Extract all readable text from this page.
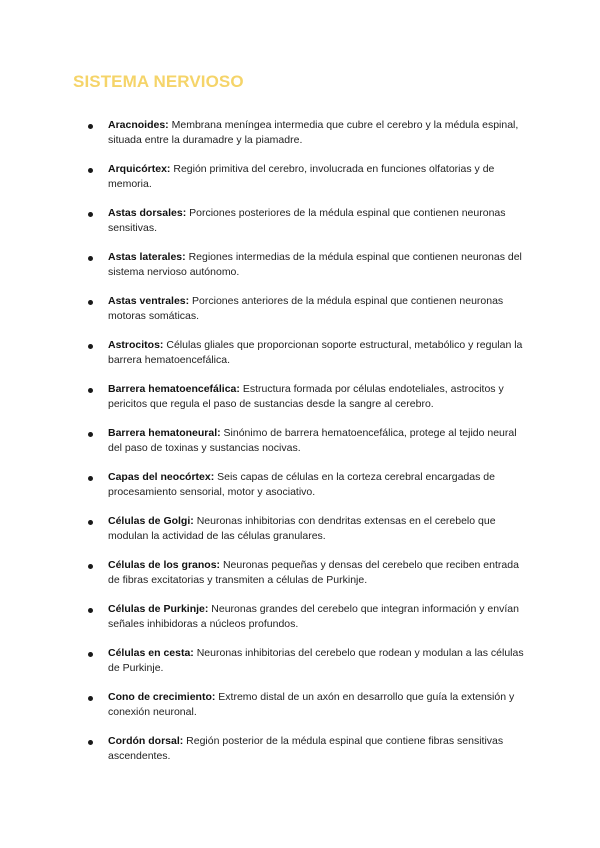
SISTEMA NERVIOSO
Aracnoides: Membrana meníngea intermedia que cubre el cerebro y la médula espinal, situada entre la duramadre y la piamadre.
Arquicórtex: Región primitiva del cerebro, involucrada en funciones olfatorias y de memoria.
Astas dorsales: Porciones posteriores de la médula espinal que contienen neuronas sensitivas.
Astas laterales: Regiones intermedias de la médula espinal que contienen neuronas del sistema nervioso autónomo.
Astas ventrales: Porciones anteriores de la médula espinal que contienen neuronas motoras somáticas.
Astrocitos: Células gliales que proporcionan soporte estructural, metabólico y regulan la barrera hematoencefálica.
Barrera hematoencefálica: Estructura formada por células endoteliales, astrocitos y pericitos que regula el paso de sustancias desde la sangre al cerebro.
Barrera hematoneural: Sinónimo de barrera hematoencefálica, protege al tejido neural del paso de toxinas y sustancias nocivas.
Capas del neocórtex: Seis capas de células en la corteza cerebral encargadas de procesamiento sensorial, motor y asociativo.
Células de Golgi: Neuronas inhibitorias con dendritas extensas en el cerebelo que modulan la actividad de las células granulares.
Células de los granos: Neuronas pequeñas y densas del cerebelo que reciben entrada de fibras excitatorias y transmiten a células de Purkinje.
Células de Purkinje: Neuronas grandes del cerebelo que integran información y envían señales inhibidoras a núcleos profundos.
Células en cesta: Neuronas inhibitorias del cerebelo que rodean y modulan a las células de Purkinje.
Cono de crecimiento: Extremo distal de un axón en desarrollo que guía la extensión y conexión neuronal.
Cordón dorsal: Región posterior de la médula espinal que contiene fibras sensitivas ascendentes.
